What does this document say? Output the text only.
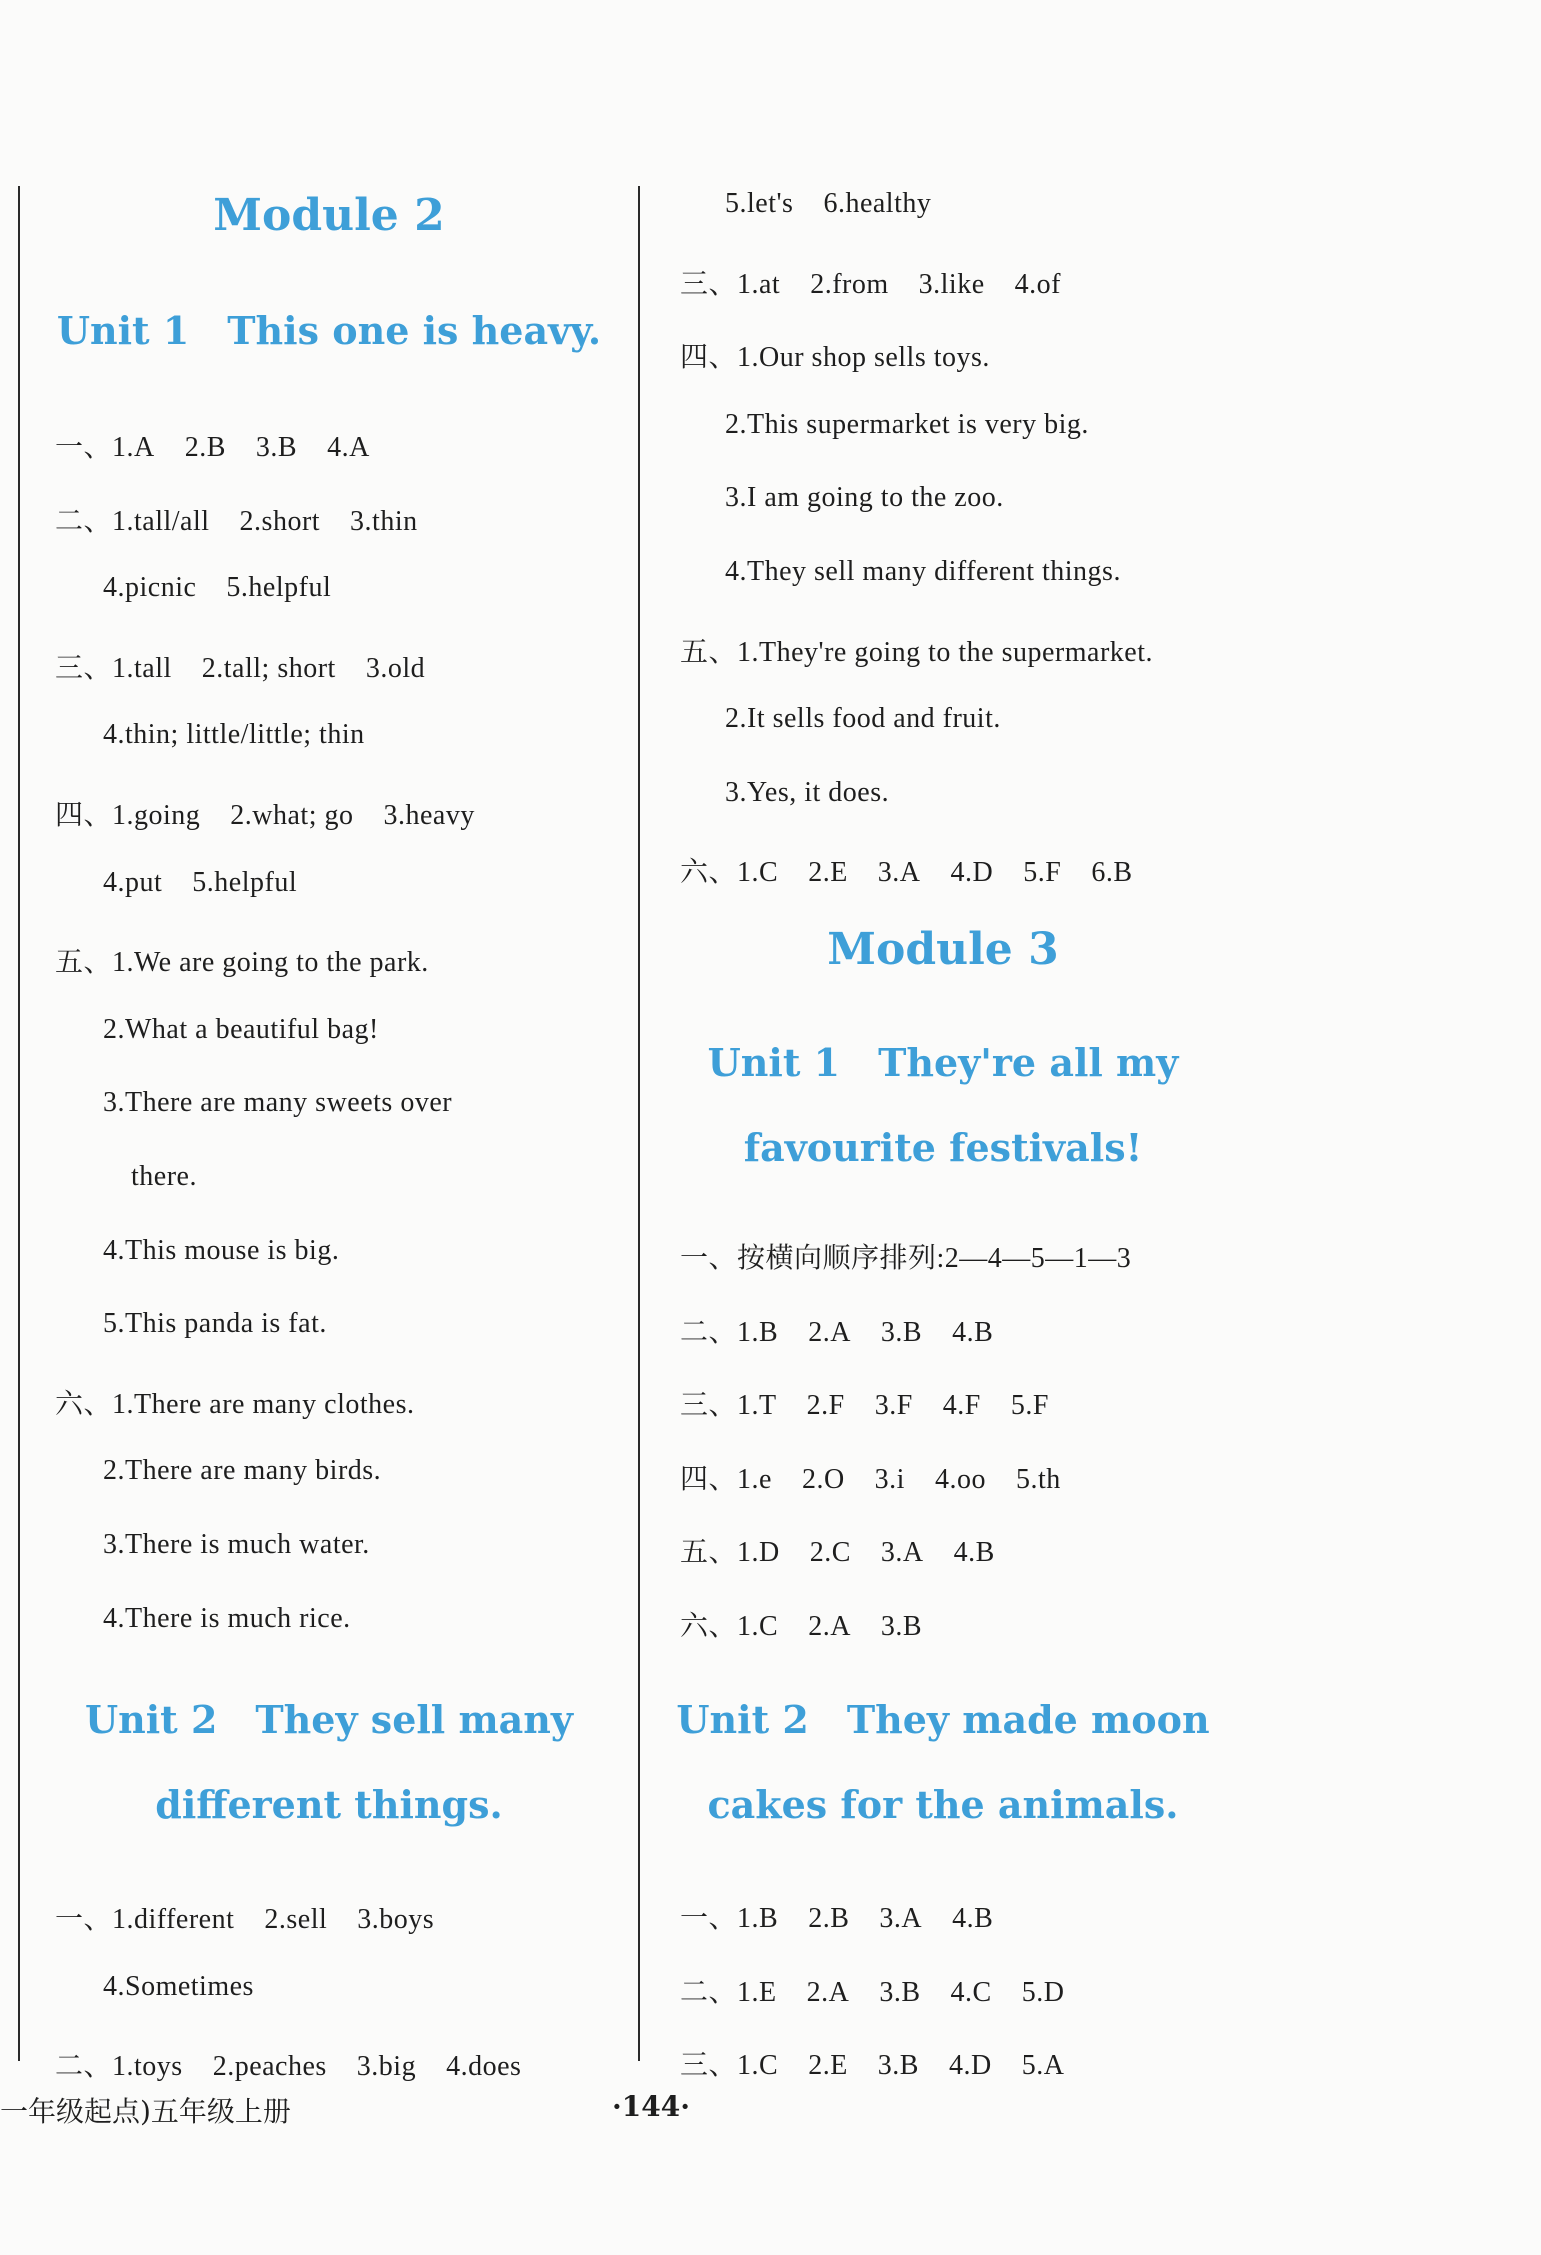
Module 2
Unit 1 This one is heavy.
一、1.A 2.B 3.B 4.A
二、1.tall/all 2.short 3.thin
4.picnic 5.helpful
三、1.tall 2.tall; short 3.old
4.thin; little/little; thin
四、1.going 2.what; go 3.heavy
4.put 5.helpful
五、1.We are going to the park.
2.What a beautiful bag!
3.There are many sweets over
there.
4.This mouse is big.
5.This panda is fat.
六、1.There are many clothes.
2.There are many birds.
3.There is much water.
4.There is much rice.
Unit 2 They sell many
different things.
一、1.different 2.sell 3.boys
4.Sometimes
二、1.toys 2.peaches 3.big 4.does
5.let's 6.healthy
三、1.at 2.from 3.like 4.of
四、1.Our shop sells toys.
2.This supermarket is very big.
3.I am going to the zoo.
4.They sell many different things.
五、1.They're going to the supermarket.
2.It sells food and fruit.
3.Yes, it does.
六、1.C 2.E 3.A 4.D 5.F 6.B
Module 3
Unit 1 They're all my
favourite festivals!
一、按横向顺序排列:2—4—5—1—3
二、1.B 2.A 3.B 4.B
三、1.T 2.F 3.F 4.F 5.F
四、1.e 2.O 3.i 4.oo 5.th
五、1.D 2.C 3.A 4.B
六、1.C 2.A 3.B
Unit 2 They made moon
cakes for the animals.
一、1.B 2.B 3.A 4.B
二、1.E 2.A 3.B 4.C 5.D
三、1.C 2.E 3.B 4.D 5.A
一年级起点)五年级上册	·144·
